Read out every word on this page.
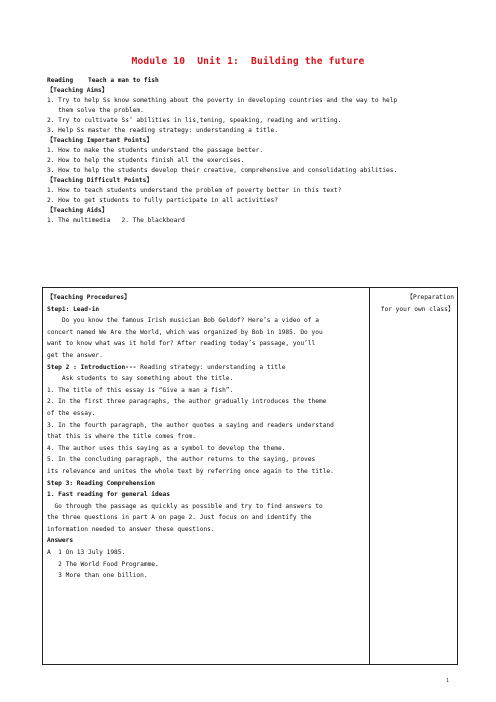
Module 10  Unit 1:  Building the future
Reading    Teach a man to fish
【Teaching Aims】
1. Try to help Ss know something about the poverty in developing countries and the way to help
them solve the problem.
2. Try to cultivate Ss’ abilities in lis,tening, speaking, reading and writing.
3. Help Ss master the reading strategy: understanding a title.
【Teaching Important Points】
1. How to make the students understand the passage better.
2. How to help the students finish all the exercises.
3. How to help the students develop their creative, comprehensive and consolidating abilities.
【Teaching Difficult Points】
1. How to teach students understand the problem of poverty better in this text?
2. How to get students to fully participate in all activities?
【Teaching Aids】
1. The multimedia   2. The blackboard
【Teaching Procedures】
Step1: Lead-in
Do you know the famous Irish musician Bob Geldof? Here’s a video of a
concert named We Are the World, which was organized by Bob in 1985. Do you
want to know what was it hold for? After reading today’s passage, you’ll
get the answer.
Step 2 : Introduction--- Reading strategy: understanding a title
Ask students to say something about the title.
1. The title of this essay is “Give a man a fish”.
2. In the first three paragraphs, the author gradually introduces the theme
of the essay.
3. In the fourth paragraph, the author quotes a saying and readers understand
that this is where the title comes from.
4. The author uses this saying as a symbol to develop the theme.
5. In the concluding paragraph, the author returns to the saying, proves
its relevance and unites the whole text by referring once again to the title.
Step 3: Reading Comprehension
1. Fast reading for general ideas
Go through the passage as quickly as possible and try to find answers to
the three questions in part A on page 2. Just focus on and identify the
information needed to answer these questions.
Answers
A  1 On 13 July 1985.
2 The World Food Programme.
3 More than one billion.
【Preparation
for your own class】
1
